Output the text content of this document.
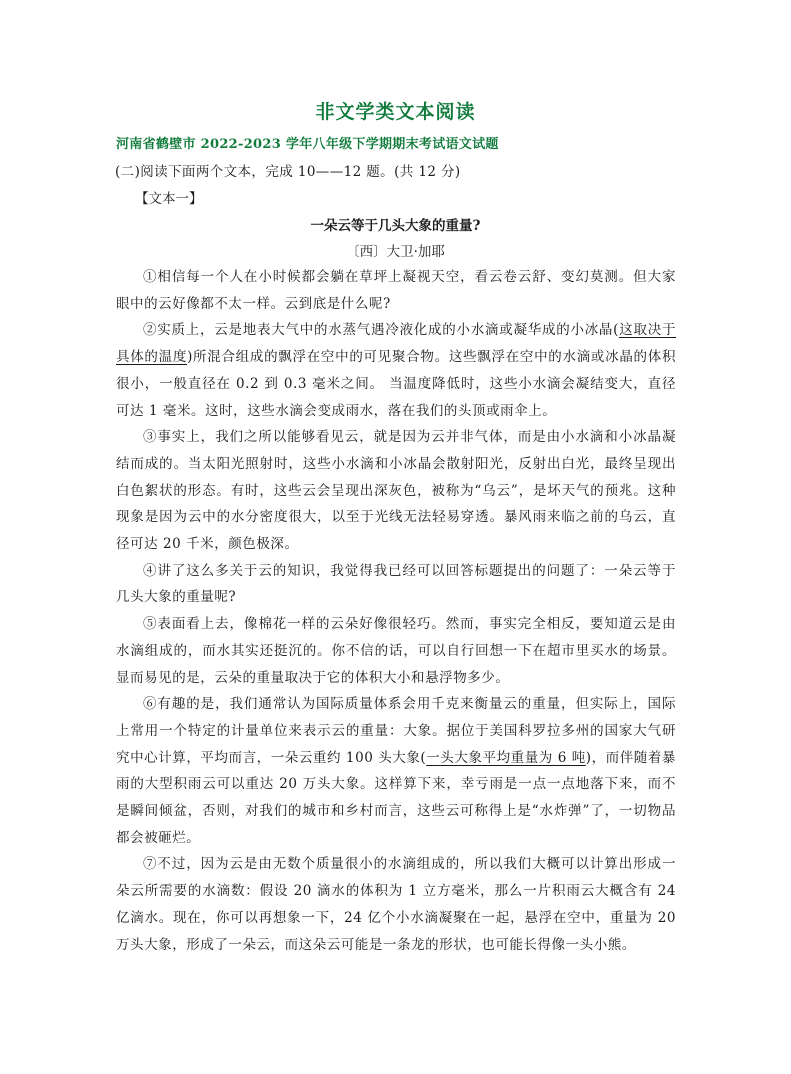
非文学类文本阅读
河南省鹤壁市 2022-2023 学年八年级下学期期末考试语文试题
(二)阅读下面两个文本，完成 10——12 题。(共 12 分)
【文本一】
一朵云等于几头大象的重量?
〔西〕大卫·加耶

①相信每一个人在小时候都会躺在草坪上凝视天空，看云卷云舒、变幻莫测。但大家眼中的云好像都不太一样。云到底是什么呢?

②实质上，云是地表大气中的水蒸气遇冷液化成的小水滴或凝华成的小冰晶(这取决于具体的温度)所混合组成的飘浮在空中的可见聚合物。这些飘浮在空中的水滴或冰晶的体积很小，一般直径在 0.2 到 0.3 毫米之间。 当温度降低时，这些小水滴会凝结变大，直径可达 1 毫米。这时，这些水滴会变成雨水，落在我们的头顶或雨伞上。

③事实上，我们之所以能够看见云，就是因为云并非气体，而是由小水滴和小冰晶凝结而成的。当太阳光照射时，这些小水滴和小冰晶会散射阳光，反射出白光，最终呈现出白色絮状的形态。有时，这些云会呈现出深灰色，被称为“乌云”，是坏天气的预兆。这种现象是因为云中的水分密度很大，以至于光线无法轻易穿透。暴风雨来临之前的乌云，直径可达 20 千米，颜色极深。

④讲了这么多关于云的知识，我觉得我已经可以回答标题提出的问题了：一朵云等于几头大象的重量呢?

⑤表面看上去，像棉花一样的云朵好像很轻巧。然而，事实完全相反，要知道云是由水滴组成的，而水其实还挺沉的。你不信的话，可以自行回想一下在超市里买水的场景。显而易见的是，云朵的重量取决于它的体积大小和悬浮物多少。

⑥有趣的是，我们通常认为国际质量体系会用千克来衡量云的重量，但实际上，国际上常用一个特定的计量单位来表示云的重量：大象。据位于美国科罗拉多州的国家大气研究中心计算，平均而言，一朵云重约 100 头大象(一头大象平均重量为 6 吨)，而伴随着暴雨的大型积雨云可以重达 20 万头大象。这样算下来，幸亏雨是一点一点地落下来，而不是瞬间倾盆，否则，对我们的城市和乡村而言，这些云可称得上是“水炸弹”了，一切物品都会被砸烂。

⑦不过，因为云是由无数个质量很小的水滴组成的，所以我们大概可以计算出形成一朵云所需要的水滴数：假设 20 滴水的体积为 1 立方毫米，那么一片积雨云大概含有 24 亿滴水。现在，你可以再想象一下，24 亿个小水滴凝聚在一起，悬浮在空中，重量为 20 万头大象，形成了一朵云，而这朵云可能是一条龙的形状，也可能长得像一头小熊。
